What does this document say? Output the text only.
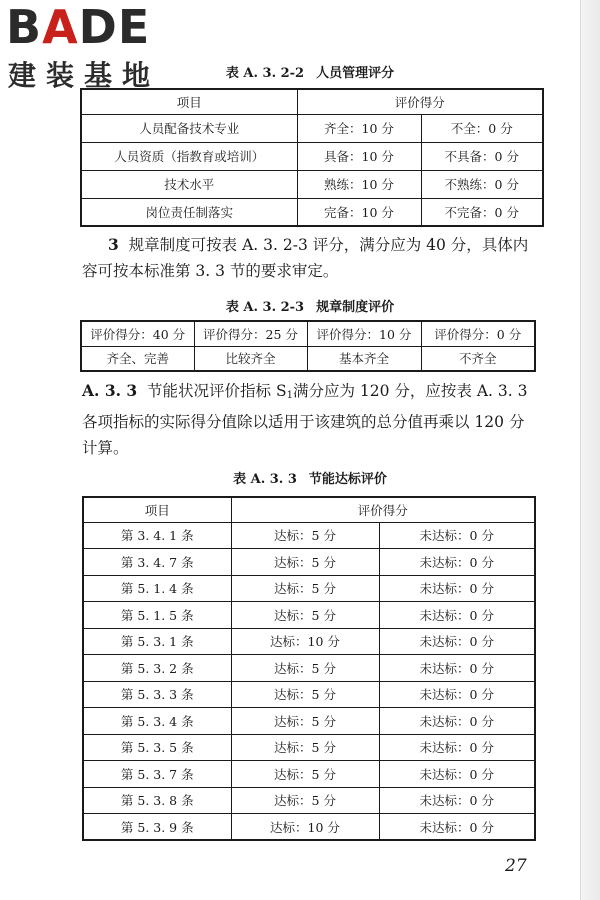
BADE
建装基地	表 A. 3. 2-2 人员管理评分
项目	评价得分	
人员配备技术专业	齐全：10 分	不全：0 分
人员资质（指教育或培训）	具备：10 分	不具备：0 分
技术水平	熟练：10 分	不熟练：0 分
岗位责任制落实	完备：10 分	不完备：0 分
3 规章制度可按表 A. 3. 2-3 评分，满分应为 40 分，具体内
容可按本标准第 3. 3 节的要求审定。
表 A. 3. 2-3 规章制度评价
评价得分：40 分	评价得分：25 分	评价得分：10 分	评价得分：0 分
齐全、完善	比较齐全	基本齐全	不齐全
A. 3. 3 节能状况评价指标 $S_1$满分应为 120 分，应按表 A. 3. 3
各项指标的实际得分值除以适用于该建筑的总分值再乘以 120 分
计算。
表 A. 3. 3 节能达标评价
项目	评价得分	
第 3. 4. 1 条	达标：5 分	未达标：0 分
第 3. 4. 7 条	达标：5 分	未达标：0 分
第 5. 1. 4 条	达标：5 分	未达标：0 分
第 5. 1. 5 条	达标：5 分	未达标：0 分
第 5. 3. 1 条	达标：10 分	未达标：0 分
第 5. 3. 2 条	达标：5 分	未达标：0 分
第 5. 3. 3 条	达标：5 分	未达标：0 分
第 5. 3. 4 条	达标：5 分	未达标：0 分
第 5. 3. 5 条	达标：5 分	未达标：0 分
第 5. 3. 7 条	达标：5 分	未达标：0 分
第 5. 3. 8 条	达标：5 分	未达标：0 分
第 5. 3. 9 条	达标：10 分	未达标：0 分
27
